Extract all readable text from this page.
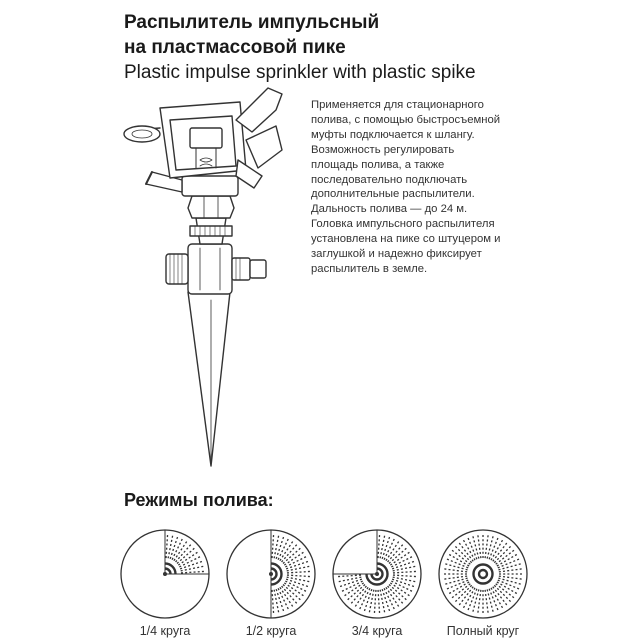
Распылитель импульсный
на пластмассовой пике
Plastic impulse sprinkler with plastic spike
Применяется для стационарного
полива, с помощью быстросъемной
муфты подключается к шлангу.
Возможность регулировать
площадь полива, а также
последовательно подключать
дополнительные распылители.
Дальность полива — до 24 м.
Головка импульсного распылителя
установлена на пике со штуцером и
заглушкой и надежно фиксирует
распылитель в земле.
Режимы полива:
1/4 круга	1/2 круга	3/4 круга	Полный круг
